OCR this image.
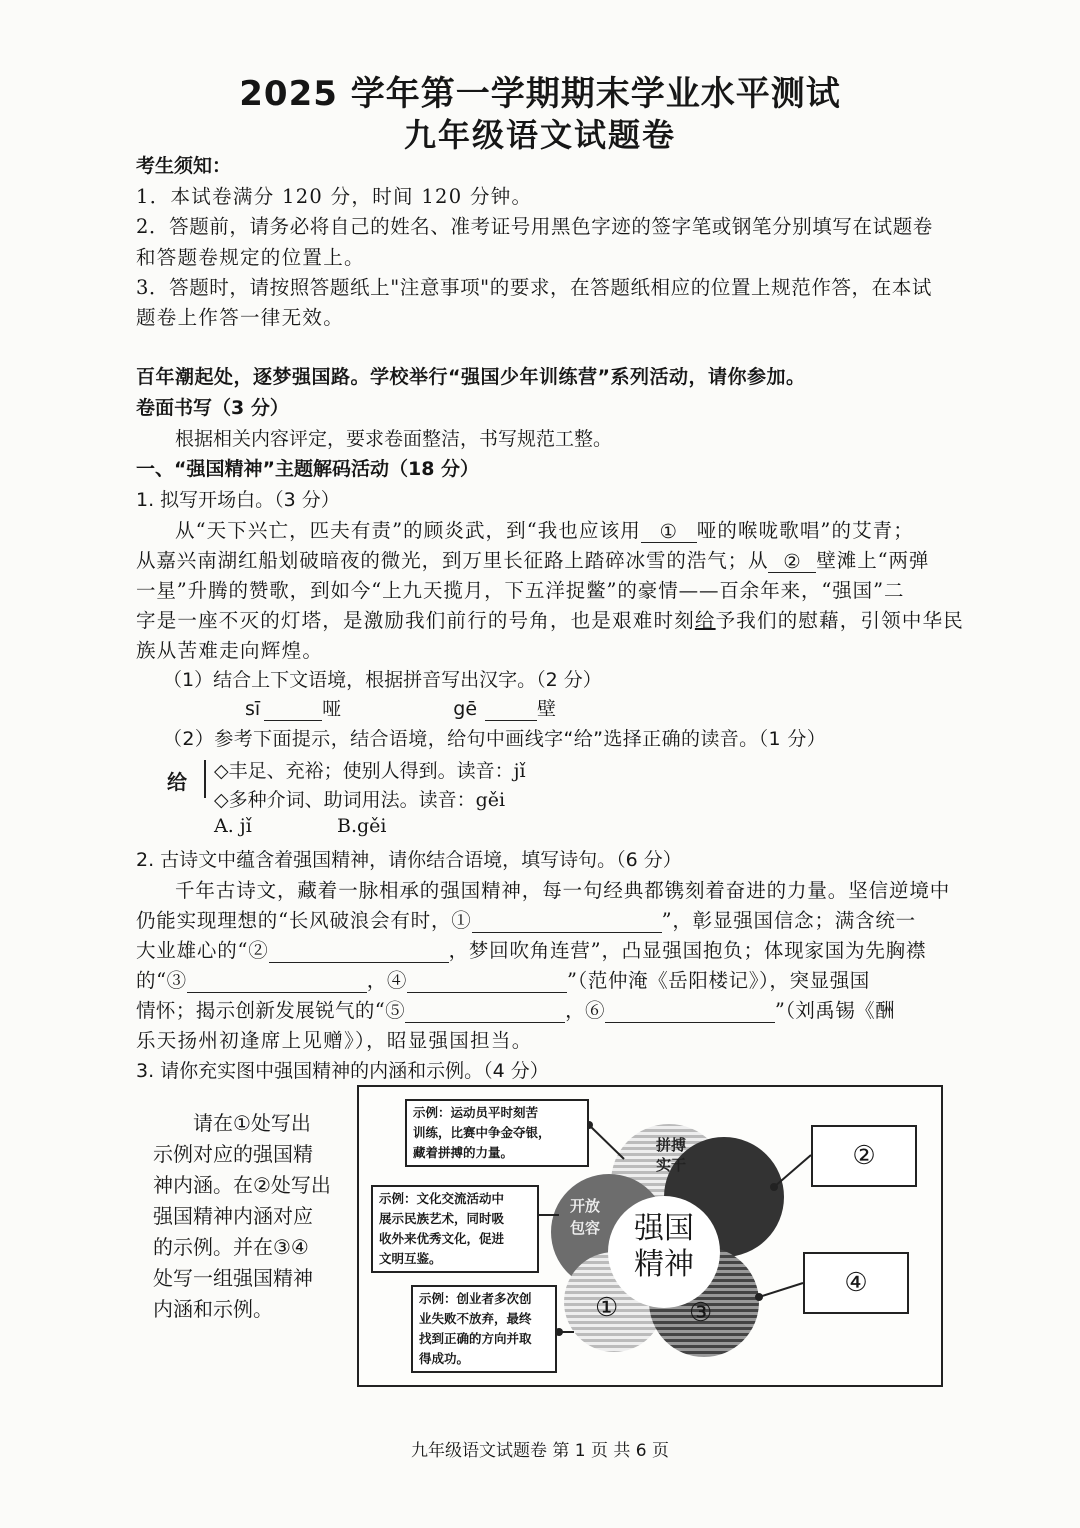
2025 学年第一学期期末学业水平测试
九年级语文试题卷
考生须知：
1．本试卷满分 120 分，时间 120 分钟。
2．答题前，请务必将自己的姓名、准考证号用黑色字迹的签字笔或钢笔分别填写在试题卷
和答题卷规定的位置上。
3．答题时，请按照答题纸上"注意事项"的要求，在答题纸相应的位置上规范作答，在本试
题卷上作答一律无效。
百年潮起处，逐梦强国路。学校举行“强国少年训练营”系列活动，请你参加。
卷面书写（3 分）
根据相关内容评定，要求卷面整洁，书写规范工整。
一、“强国精神”主题解码活动（18 分）
1. 拟写开场白。（3 分）
从“天下兴亡，匹夫有责”的顾炎武，到“我也应该用 ① 哑的喉咙歌唱”的艾青；
从嘉兴南湖红船划破暗夜的微光，到万里长征路上踏碎冰雪的浩气；从 ② 壁滩上“两弹
一星”升腾的赞歌，到如今“上九天揽月，下五洋捉鳖”的豪情——百余年来，“强国”二
字是一座不灭的灯塔，是激励我们前行的号角，也是艰难时刻给予我们的慰藉，引领中华民
族从苦难走向辉煌。
（1）结合上下文语境，根据拼音写出汉字。（2 分）
sī	哑	gē	壁
（2）参考下面提示，结合语境，给句中画线字“给”选择正确的读音。（1 分）
给 ◇丰足、充裕；使别人得到。读音：jǐ
◇多种介词、助词用法。读音：gěi
A. jǐ	B.gěi
2. 古诗文中蕴含着强国精神，请你结合语境，填写诗句。（6 分）
千年古诗文，藏着一脉相承的强国精神，每一句经典都镌刻着奋进的力量。坚信逆境中
仍能实现理想的“长风破浪会有时，①	”，彰显强国信念；满含统一
大业雄心的“②	，梦回吹角连营”，凸显强国抱负；体现家国为先胸襟
的“③	，④	”（范仲淹《岳阳楼记》），突显强国
情怀；揭示创新发展锐气的“⑤	，⑥	”（刘禹锡《酬
乐天扬州初逢席上见赠》），昭显强国担当。
3. 请你充实图中强国精神的内涵和示例。（4 分）
请在①处写出
示例对应的强国精
神内涵。在②处写出
强国精神内涵对应
的示例。并在③④
处写一组强国精神
内涵和示例。
拼搏
实干
开放
包容	强国
精神
①	③
示例：运动员平时刻苦
训练，比赛中争金夺银，
藏着拼搏的力量。
示例：文化交流活动中
展示民族艺术，同时吸
收外来优秀文化，促进
文明互鉴。
示例：创业者多次创
业失败不放弃，最终
找到正确的方向并取
得成功。
②
④
九年级语文试题卷 第 1 页 共 6 页
